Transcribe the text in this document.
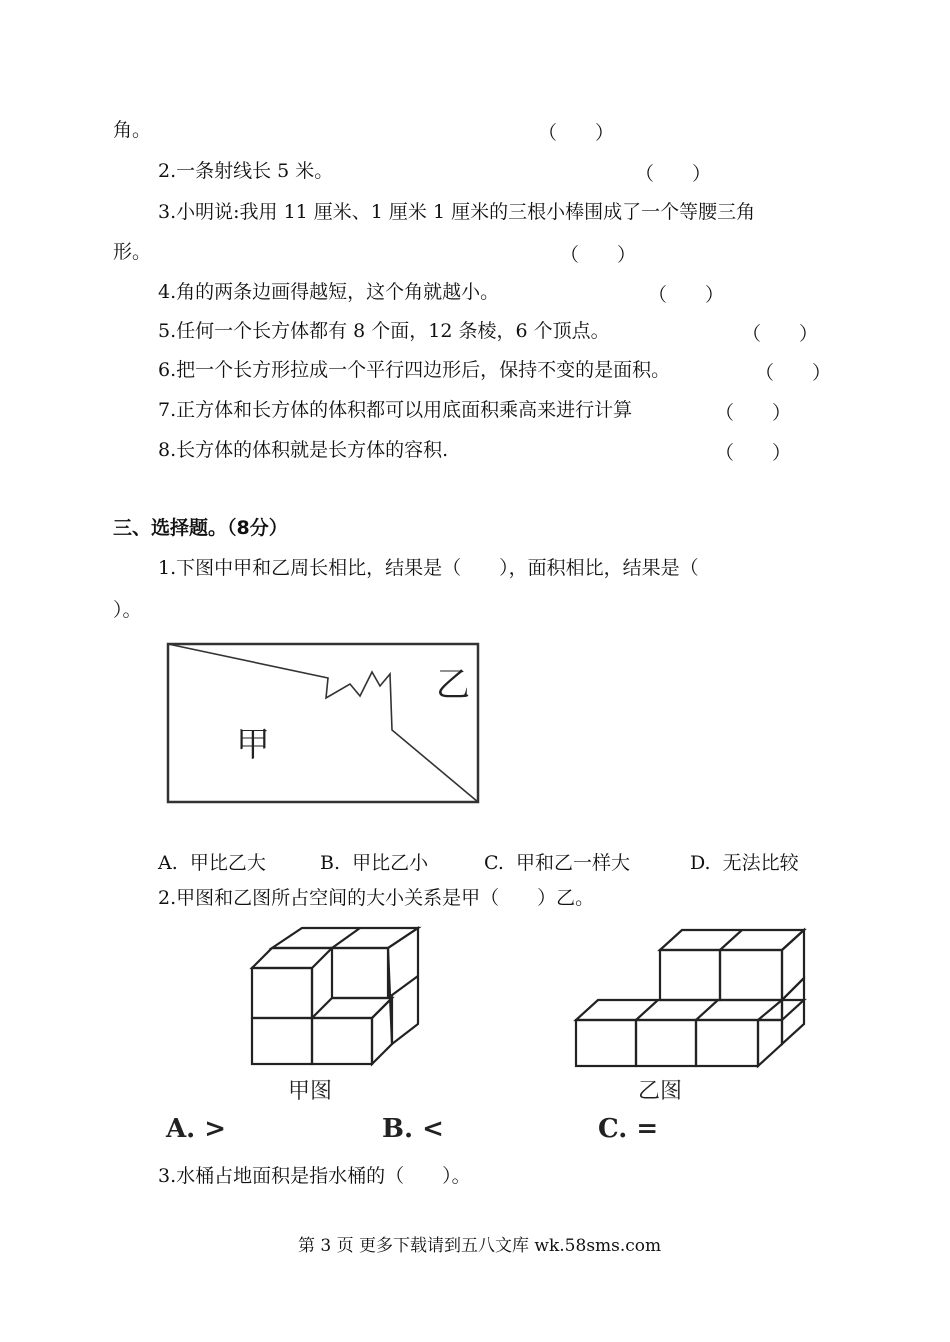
角。	（　　）
2.一条射线长 5 米。	（　　）
3.小明说:我用 11 厘米、1 厘米 1 厘米的三根小棒围成了一个等腰三角
形。	（　　）
4.角的两条边画得越短，这个角就越小。	（　　）
5.任何一个长方体都有 8 个面，12 条棱，6 个顶点。	（　　）
6.把一个长方形拉成一个平行四边形后，保持不变的是面积。	（　　）
7.正方体和长方体的体积都可以用底面积乘高来进行计算	（　　）
8.长方体的体积就是长方体的容积.	（　　）
三、选择题。（8分）
1.下图中甲和乙周长相比，结果是（　　），面积相比，结果是（
）。
甲
乙
A.  甲比乙大	B.  甲比乙小	C.  甲和乙一样大	D.  无法比较
2.甲图和乙图所占空间的大小关系是甲（　　）乙。
甲图	乙图
A. >	B. <	C. =
3.水桶占地面积是指水桶的（　　）。
第 3 页 更多下载请到五八文库 wk.58sms.com
